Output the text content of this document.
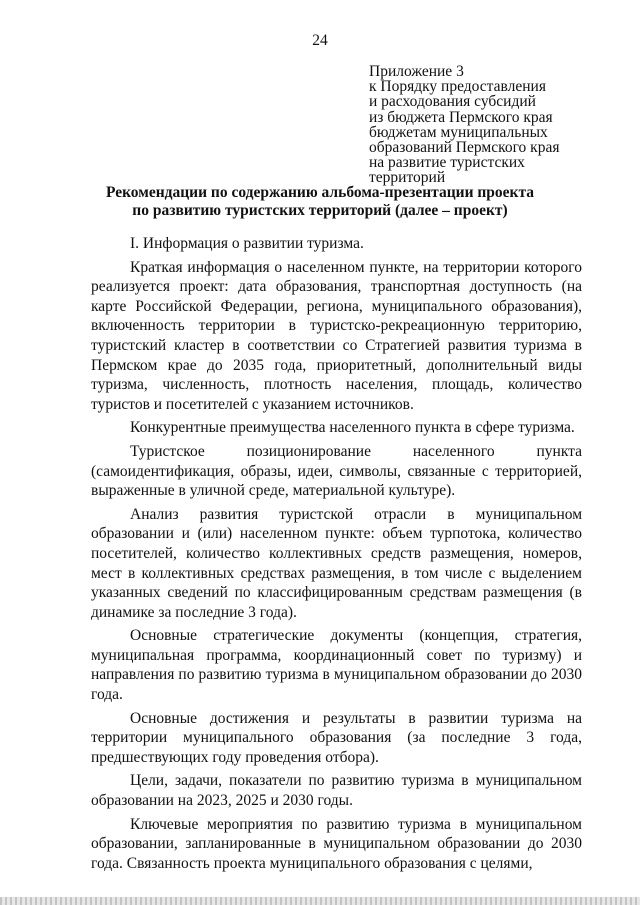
24
Приложение 3
к Порядку предоставления
и расходования субсидий
из бюджета Пермского края
бюджетам муниципальных
образований Пермского края
на развитие туристских
территорий
Рекомендации по содержанию альбома-презентации проекта
по развитию туристских территорий (далее – проект)

I. Информация о развитии туризма.

Краткая информация о населенном пункте, на территории которого реализуется проект: дата образования, транспортная доступность (на карте Российской Федерации, региона, муниципального образования), включенность территории в туристско-рекреационную территорию, туристский кластер в соответствии со Стратегией развития туризма в Пермском крае до 2035 года, приоритетный, дополнительный виды туризма, численность, плотность населения, площадь, количество туристов и посетителей с указанием источников.

Конкурентные преимущества населенного пункта в сфере туризма.

Туристское позиционирование населенного пункта (самоидентификация, образы, идеи, символы, связанные с территорией, выраженные в уличной среде, материальной культуре).

Анализ развития туристской отрасли в муниципальном образовании и (или) населенном пункте: объем турпотока, количество посетителей, количество коллективных средств размещения, номеров, мест в коллективных средствах размещения, в том числе с выделением указанных сведений по классифицированным средствам размещения (в динамике за последние 3 года).

Основные стратегические документы (концепция, стратегия, муниципальная программа, координационный совет по туризму) и направления по развитию туризма в муниципальном образовании до 2030 года.

Основные достижения и результаты в развитии туризма на территории муниципального образования (за последние 3 года, предшествующих году проведения отбора).

Цели, задачи, показатели по развитию туризма в муниципальном образовании на 2023, 2025 и 2030 годы.

Ключевые мероприятия по развитию туризма в муниципальном образовании, запланированные в муниципальном образовании до 2030 года. Связанность проекта муниципального образования с целями,
